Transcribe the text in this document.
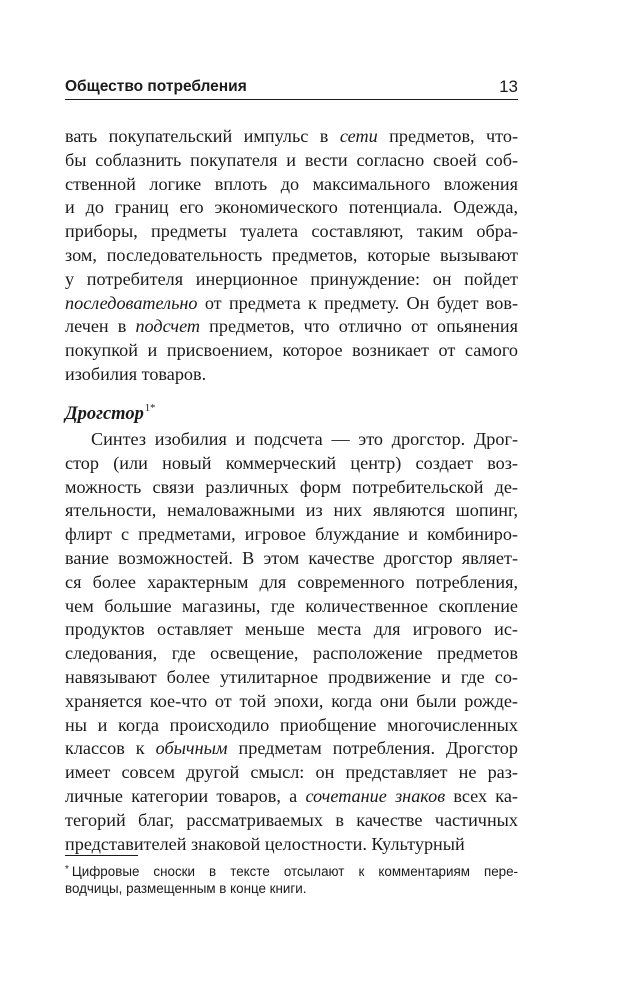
Общество потребления	13
вать покупательский импульс в сети предметов, что-
бы соблазнить покупателя и вести согласно своей соб-
ственной логике вплоть до максимального вложения
и до границ его экономического потенциала. Одежда,
приборы, предметы туалета составляют, таким обра-
зом, последовательность предметов, которые вызывают
у потребителя инерционное принуждение: он пойдет
последовательно от предмета к предмету. Он будет вов-
лечен в подсчет предметов, что отлично от опьянения
покупкой и присвоением, которое возникает от самого
изобилия товаров.
Дрогстор$^{1*}$
Синтез изобилия и подсчета — это дрогстор. Дрог-
стор (или новый коммерческий центр) создает воз-
можность связи различных форм потребительской де-
ятельности, немаловажными из них являются шопинг,
флирт с предметами, игровое блуждание и комбиниро-
вание возможностей. В этом качестве дрогстор являет-
ся более характерным для современного потребления,
чем большие магазины, где количественное скопление
продуктов оставляет меньше места для игрового ис-
следования, где освещение, расположение предметов
навязывают более утилитарное продвижение и где со-
храняется кое-что от той эпохи, когда они были рожде-
ны и когда происходило приобщение многочисленных
классов к обычным предметам потребления. Дрогстор
имеет совсем другой смысл: он представляет не раз-
личные категории товаров, а сочетание знаков всех ка-
тегорий благ, рассматриваемых в качестве частичных
представителей знаковой целостности. Культурный
* Цифровые сноски в тексте отсылают к комментариям пере-
водчицы, размещенным в конце книги.
